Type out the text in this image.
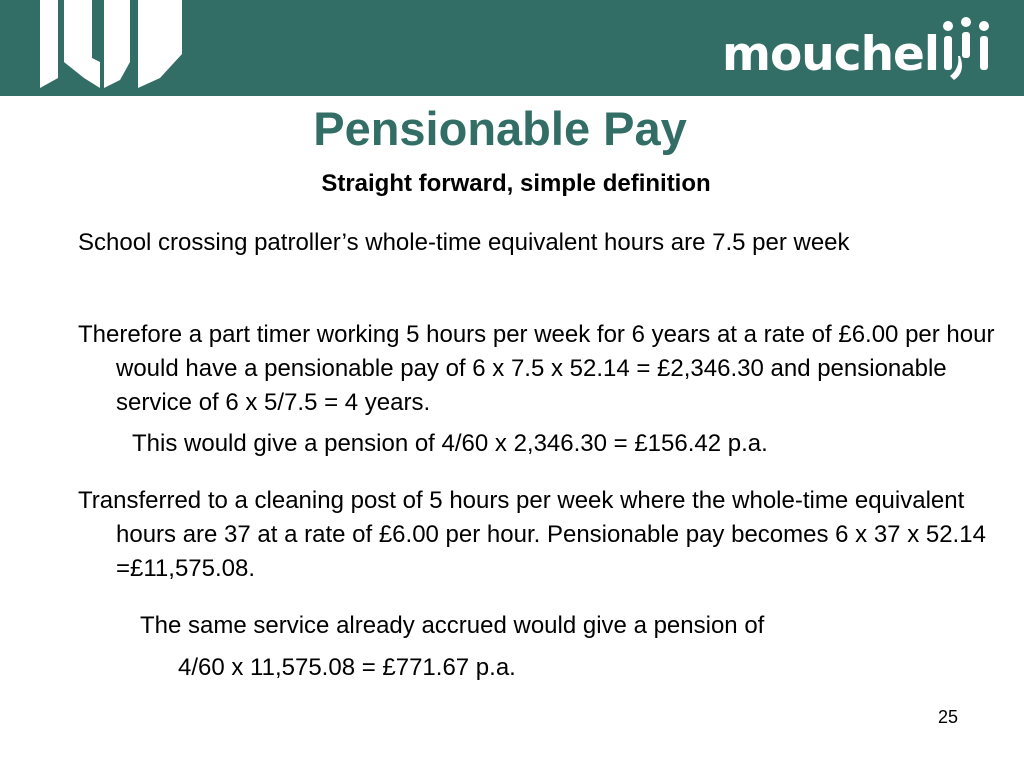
mouchel
Pensionable Pay
Straight forward, simple definition

School crossing patroller’s whole-time equivalent hours are 7.5 per week

Therefore a part timer working 5 hours per week for 6 years at a rate of £6.00 per hour would have a pensionable pay of 6 x 7.5 x 52.14 = £2,346.30 and pensionable service of 6 x 5/7.5 = 4 years.

This would give a pension of 4/60 x 2,346.30 = £156.42 p.a.

Transferred to a cleaning post of 5 hours per week where the whole-time equivalent hours are 37 at a rate of £6.00 per hour. Pensionable pay becomes 6 x 37 x 52.14 =£11,575.08.

The same service already accrued would give a pension of

4/60 x 11,575.08 = £771.67 p.a.

25
